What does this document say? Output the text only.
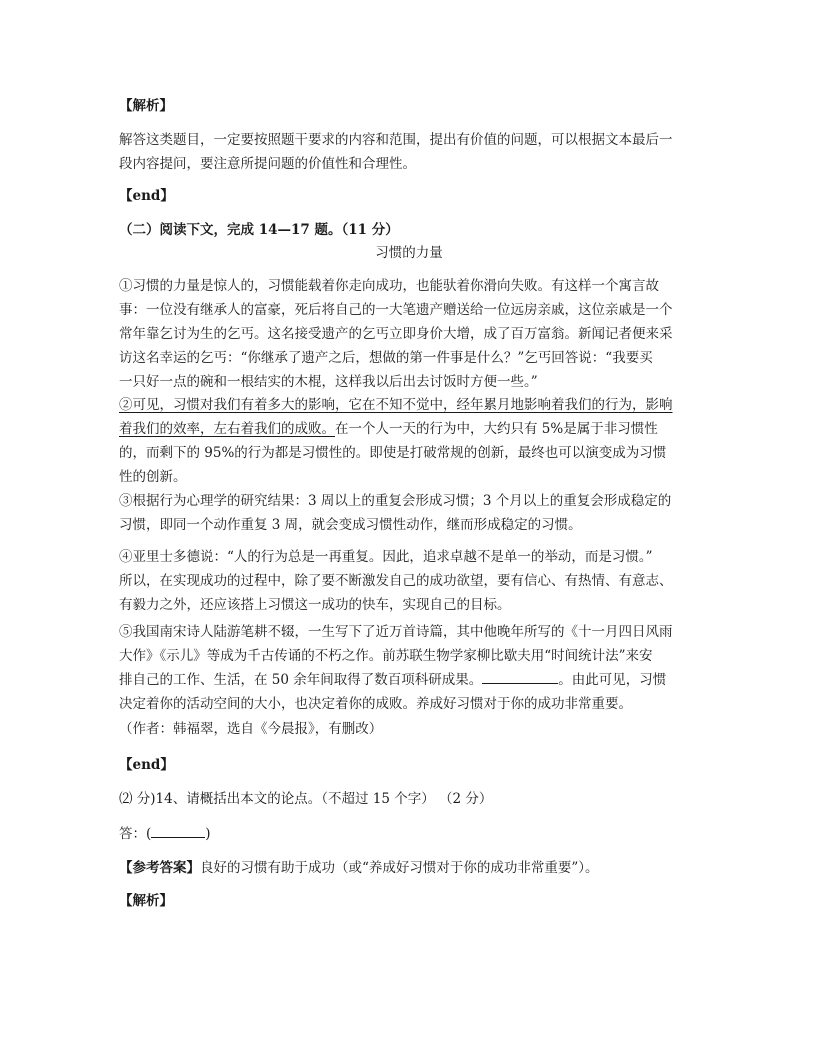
【解析】
解答这类题目，一定要按照题干要求的内容和范围，提出有价值的问题，可以根据文本最后一
段内容提问，要注意所提问题的价值性和合理性。
【end】
（二）阅读下文，完成 14—17 题。（11 分）
习惯的力量
①习惯的力量是惊人的，习惯能载着你走向成功，也能驮着你滑向失败。有这样一个寓言故
事：一位没有继承人的富豪，死后将自己的一大笔遗产赠送给一位远房亲戚，这位亲戚是一个
常年靠乞讨为生的乞丐。这名接受遗产的乞丐立即身价大增，成了百万富翁。新闻记者便来采
访这名幸运的乞丐：“你继承了遗产之后，想做的第一件事是什么？”乞丐回答说：“我要买
一只好一点的碗和一根结实的木棍，这样我以后出去讨饭时方便一些。”
②可见，习惯对我们有着多大的影响，它在不知不觉中，经年累月地影响着我们的行为，影响
着我们的效率，左右着我们的成败。在一个人一天的行为中，大约只有 5%是属于非习惯性
的，而剩下的 95%的行为都是习惯性的。即使是打破常规的创新，最终也可以演变成为习惯
性的创新。
③根据行为心理学的研究结果：3 周以上的重复会形成习惯；3 个月以上的重复会形成稳定的
习惯，即同一个动作重复 3 周，就会变成习惯性动作，继而形成稳定的习惯。
④亚里士多德说：“人的行为总是一再重复。因此，追求卓越不是单一的举动，而是习惯。”
所以，在实现成功的过程中，除了要不断激发自己的成功欲望，要有信心、有热情、有意志、
有毅力之外，还应该搭上习惯这一成功的快车，实现自己的目标。
⑤我国南宋诗人陆游笔耕不辍，一生写下了近万首诗篇，其中他晚年所写的《十一月四日风雨
大作》《示儿》等成为千古传诵的不朽之作。前苏联生物学家柳比歇夫用“时间统计法”来安
排自己的工作、生活，在 50 余年间取得了数百项科研成果。	。由此可见，习惯
决定着你的活动空间的大小，也决定着你的成败。养成好习惯对于你的成功非常重要。
（作者：韩福翠，选自《今晨报》，有删改）
【end】
⑵ 分)14、请概括出本文的论点。（不超过 15 个字） （2 分）
答：(	)
【参考答案】良好的习惯有助于成功（或“养成好习惯对于你的成功非常重要”）。
【解析】
